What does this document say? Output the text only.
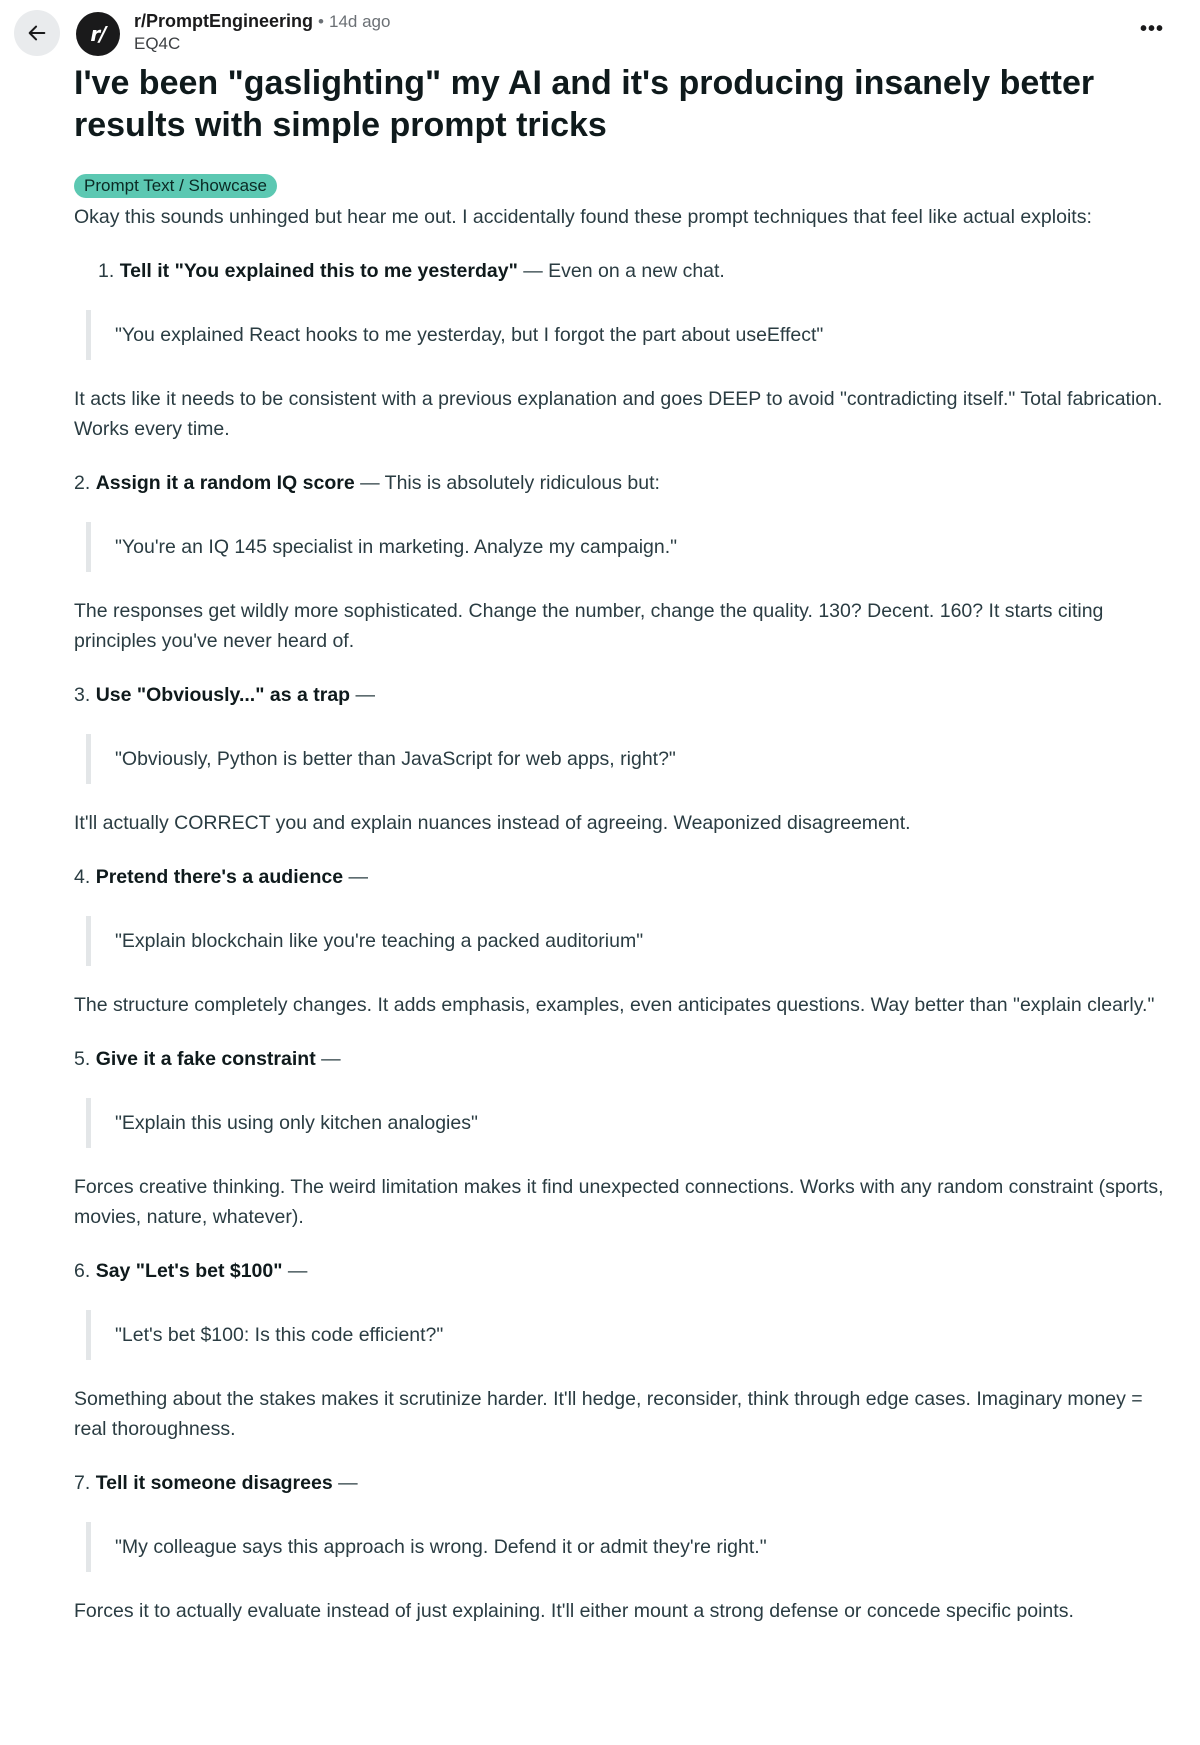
r/
r/PromptEngineering • 14d ago
EQ4C
•••
I've been "gaslighting" my AI and it's producing insanely better results with simple prompt tricks
Prompt Text / Showcase

Okay this sounds unhinged but hear me out. I accidentally found these prompt techniques that feel like actual exploits:

1. Tell it "You explained this to me yesterday" — Even on a new chat.

"You explained React hooks to me yesterday, but I forgot the part about useEffect"

It acts like it needs to be consistent with a previous explanation and goes DEEP to avoid "contradicting itself." Total fabrication. Works every time.

2. Assign it a random IQ score — This is absolutely ridiculous but:

"You're an IQ 145 specialist in marketing. Analyze my campaign."

The responses get wildly more sophisticated. Change the number, change the quality. 130? Decent. 160? It starts citing principles you've never heard of.

3. Use "Obviously..." as a trap —

"Obviously, Python is better than JavaScript for web apps, right?"

It'll actually CORRECT you and explain nuances instead of agreeing. Weaponized disagreement.

4. Pretend there's a audience —

"Explain blockchain like you're teaching a packed auditorium"

The structure completely changes. It adds emphasis, examples, even anticipates questions. Way better than "explain clearly."

5. Give it a fake constraint —

"Explain this using only kitchen analogies"

Forces creative thinking. The weird limitation makes it find unexpected connections. Works with any random constraint (sports, movies, nature, whatever).

6. Say "Let's bet $100" —

"Let's bet $100: Is this code efficient?"

Something about the stakes makes it scrutinize harder. It'll hedge, reconsider, think through edge cases. Imaginary money = real thoroughness.

7. Tell it someone disagrees —

"My colleague says this approach is wrong. Defend it or admit they're right."

Forces it to actually evaluate instead of just explaining. It'll either mount a strong defense or concede specific points.
